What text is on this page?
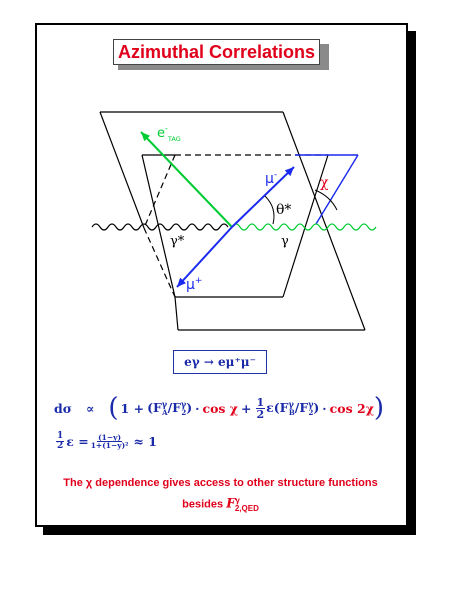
Azimuthal Correlations
$e^-_{TAG}$
μ-
μ+
θ*
χ
γ*	γ
eγ → eμ⁺μ⁻
dσ ∝ ( $1 + (F^\gamma_A/F^\gamma_2) \cdot \cos \chi + \frac{1}{2} \varepsilon(F^\gamma_B/F^\gamma_2) \cdot \cos 2\chi$ )
$\frac{1}{2}$ $\varepsilon = \frac{(1-y)}{\text{1+(1−y)²}} \approx 1$
The χ dependence gives access to other structure functions
besides $F^\gamma_{2,QED}$
